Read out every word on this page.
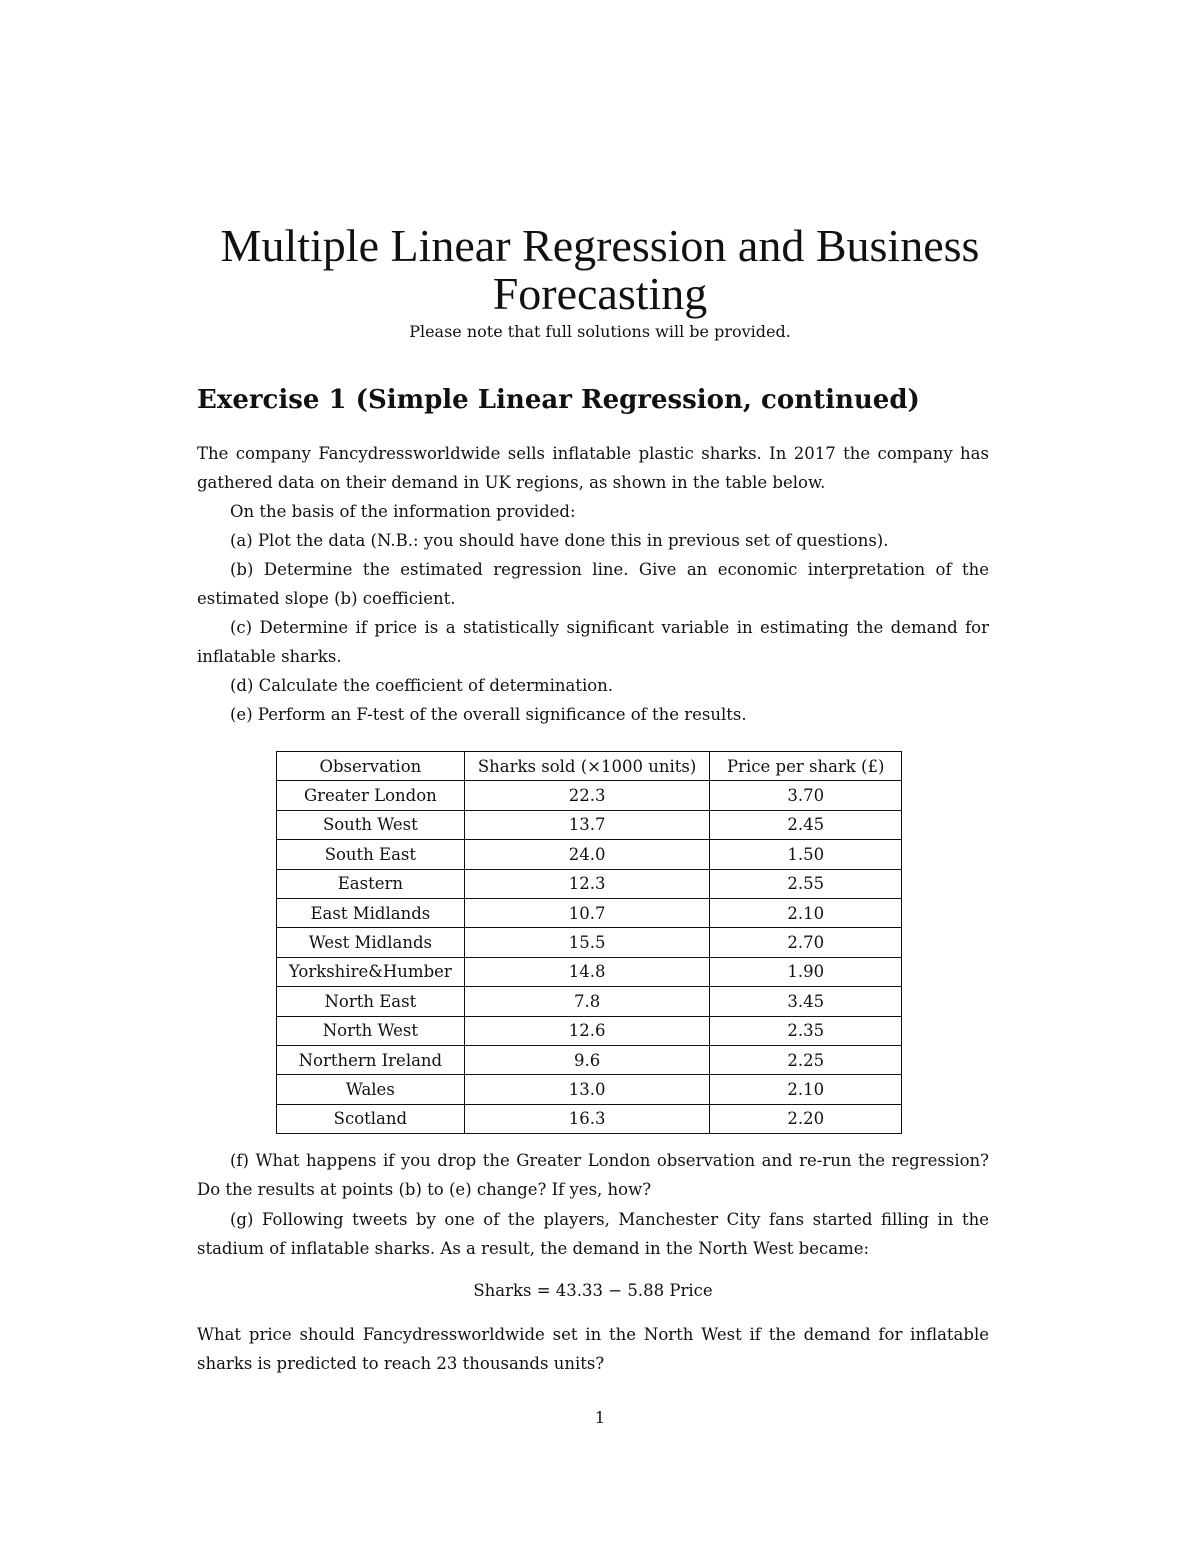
Multiple Linear Regression and Business Forecasting

Please note that full solutions will be provided.

Exercise 1 (Simple Linear Regression, continued)

The company Fancydressworldwide sells inflatable plastic sharks. In 2017 the company has gathered data on their demand in UK regions, as shown in the table below.

On the basis of the information provided:

(a) Plot the data (N.B.: you should have done this in previous set of questions).

(b) Determine the estimated regression line. Give an economic interpretation of the estimated slope (b) coefficient.

(c) Determine if price is a statistically significant variable in estimating the demand for inflatable sharks.

(d) Calculate the coefficient of determination.

(e) Perform an F-test of the overall significance of the results.

Observation	Sharks sold (×1000 units)	Price per shark (£)
Greater London	22.3	3.70
South West	13.7	2.45
South East	24.0	1.50
Eastern	12.3	2.55
East Midlands	10.7	2.10
West Midlands	15.5	2.70
Yorkshire&Humber	14.8	1.90
North East	7.8	3.45
North West	12.6	2.35
Northern Ireland	9.6	2.25
Wales	13.0	2.10
Scotland	16.3	2.20

(f) What happens if you drop the Greater London observation and re-run the regression? Do the results at points (b) to (e) change? If yes, how?

(g) Following tweets by one of the players, Manchester City fans started filling in the stadium of inflatable sharks. As a result, the demand in the North West became:

Sharks = 43.33 − 5.88 Price

What price should Fancydressworldwide set in the North West if the demand for inflatable sharks is predicted to reach 23 thousands units?

1
